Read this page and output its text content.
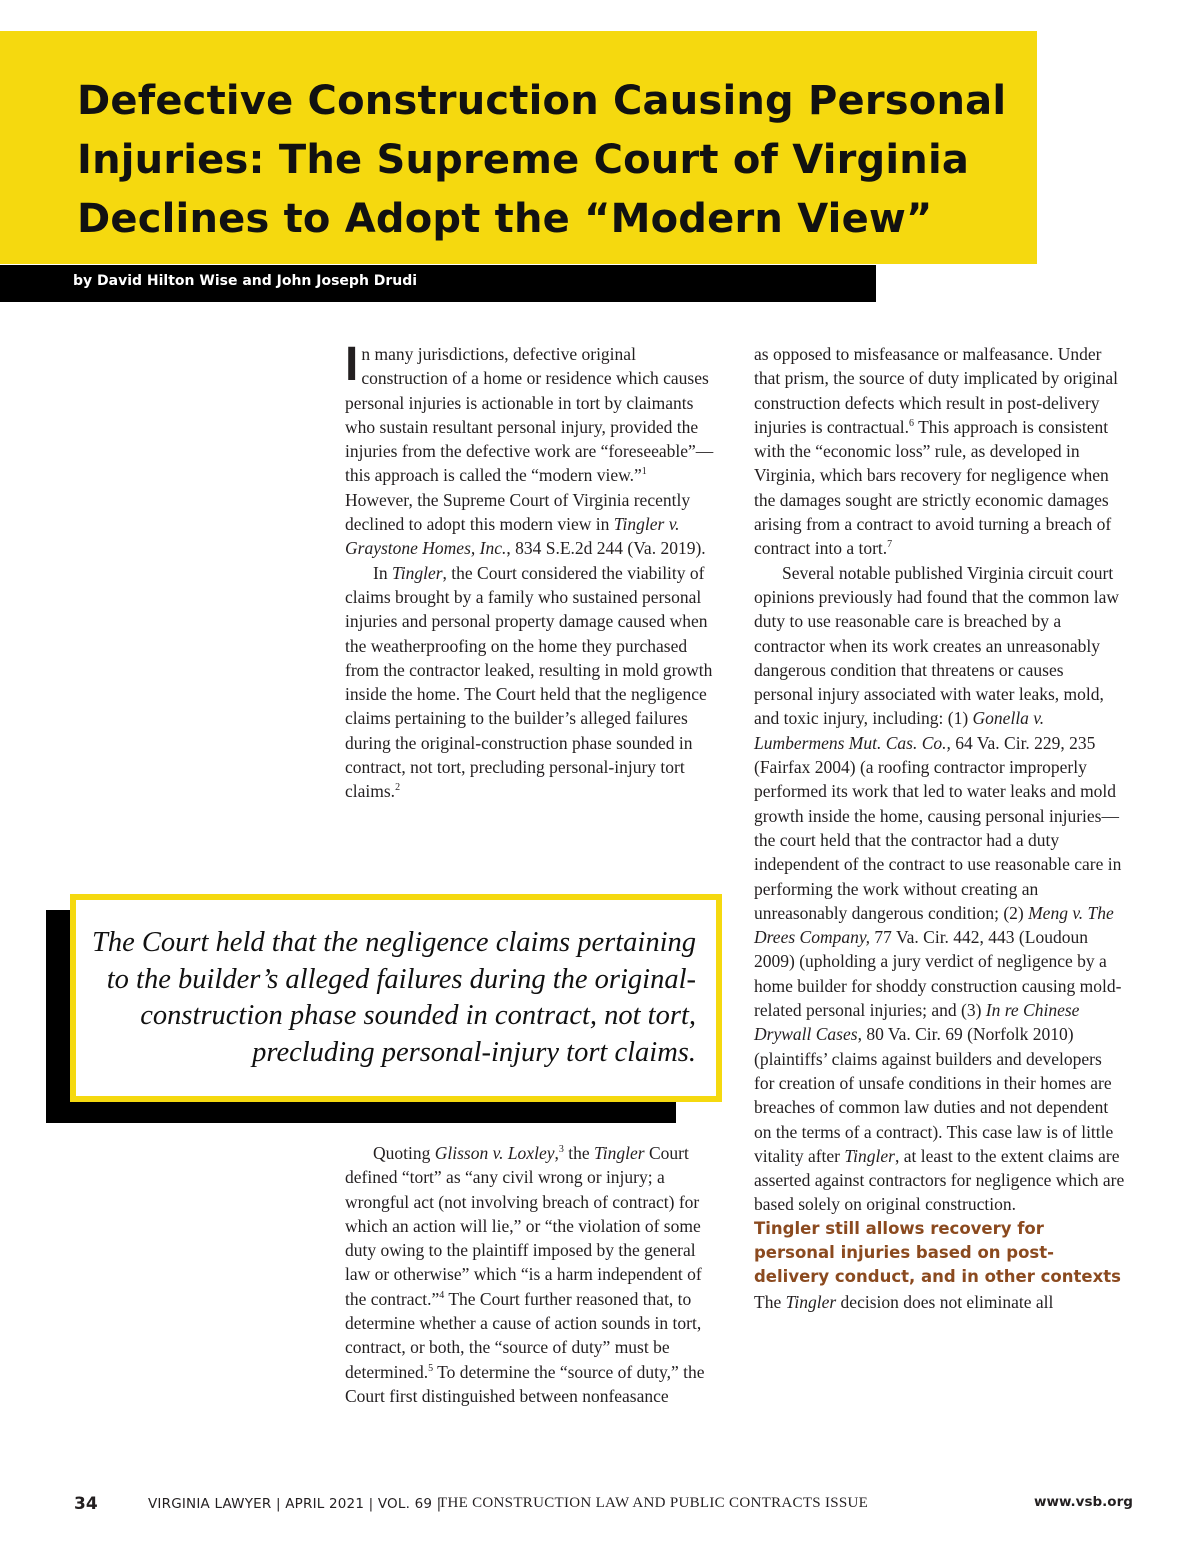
Defective Construction Causing Personal Injuries: The Supreme Court of Virginia Declines to Adopt the “Modern View”
by David Hilton Wise and John Joseph Drudi

In many jurisdictions, defective original construction of a home or residence which causes personal injuries is actionable in tort by claimants who sustain resultant personal injury, provided the injuries from the defective work are “foreseeable”—this approach is called the “modern view.”$^1$ However, the Supreme Court of Virginia recently declined to adopt this modern view in Tingler v. Graystone Homes, Inc., 834 S.E.2d 244 (Va. 2019).

In Tingler, the Court considered the viability of claims brought by a family who sustained personal injuries and personal property damage caused when the weatherproofing on the home they purchased from the contractor leaked, resulting in mold growth inside the home. The Court held that the negligence claims pertaining to the builder’s alleged failures during the original-construction phase sounded in contract, not tort, precluding personal-injury tort claims.$^2$

The Court held that the negligence claims pertaining to the builder’s alleged failures during the original-construction phase sounded in contract, not tort, precluding personal-injury tort claims.

Quoting Glisson v. Loxley,$^3$ the Tingler Court defined “tort” as “any civil wrong or injury; a wrongful act (not involving breach of contract) for which an action will lie,” or “the violation of some duty owing to the plaintiff imposed by the general law or otherwise” which “is a harm independent of the contract.”$^4$ The Court further reasoned that, to determine whether a cause of action sounds in tort, contract, or both, the “source of duty” must be determined.$^5$ To determine the “source of duty,” the Court first distinguished between nonfeasance

as opposed to misfeasance or malfeasance. Under that prism, the source of duty implicated by original construction defects which result in post-delivery injuries is contractual.$^6$ This approach is consistent with the “economic loss” rule, as developed in Virginia, which bars recovery for negligence when the damages sought are strictly economic damages arising from a contract to avoid turning a breach of contract into a tort.$^7$

Several notable published Virginia circuit court opinions previously had found that the common law duty to use reasonable care is breached by a contractor when its work creates an unreasonably dangerous condition that threatens or causes personal injury associated with water leaks, mold, and toxic injury, including: (1) Gonella v. Lumbermens Mut. Cas. Co., 64 Va. Cir. 229, 235 (Fairfax 2004) (a roofing contractor improperly performed its work that led to water leaks and mold growth inside the home, causing personal injuries—the court held that the contractor had a duty independent of the contract to use reasonable care in performing the work without creating an unreasonably dangerous condition; (2) Meng v. The Drees Company, 77 Va. Cir. 442, 443 (Loudoun 2009) (upholding a jury verdict of negligence by a home builder for shoddy construction causing mold-related personal injuries; and (3) In re Chinese Drywall Cases, 80 Va. Cir. 69 (Norfolk 2010) (plaintiffs’ claims against builders and developers for creation of unsafe conditions in their homes are breaches of common law duties and not dependent on the terms of a contract). This case law is of little vitality after Tingler, at least to the extent claims are asserted against contractors for negligence which are based solely on original construction.

Tingler still allows recovery for personal injuries based on post-delivery conduct, and in other contexts

The Tingler decision does not eliminate all

34	VIRGINIA LAWYER | APRIL 2021 | VOL. 69 |
THE CONSTRUCTION LAW AND PUBLIC CONTRACTS ISSUE	www.vsb.org
